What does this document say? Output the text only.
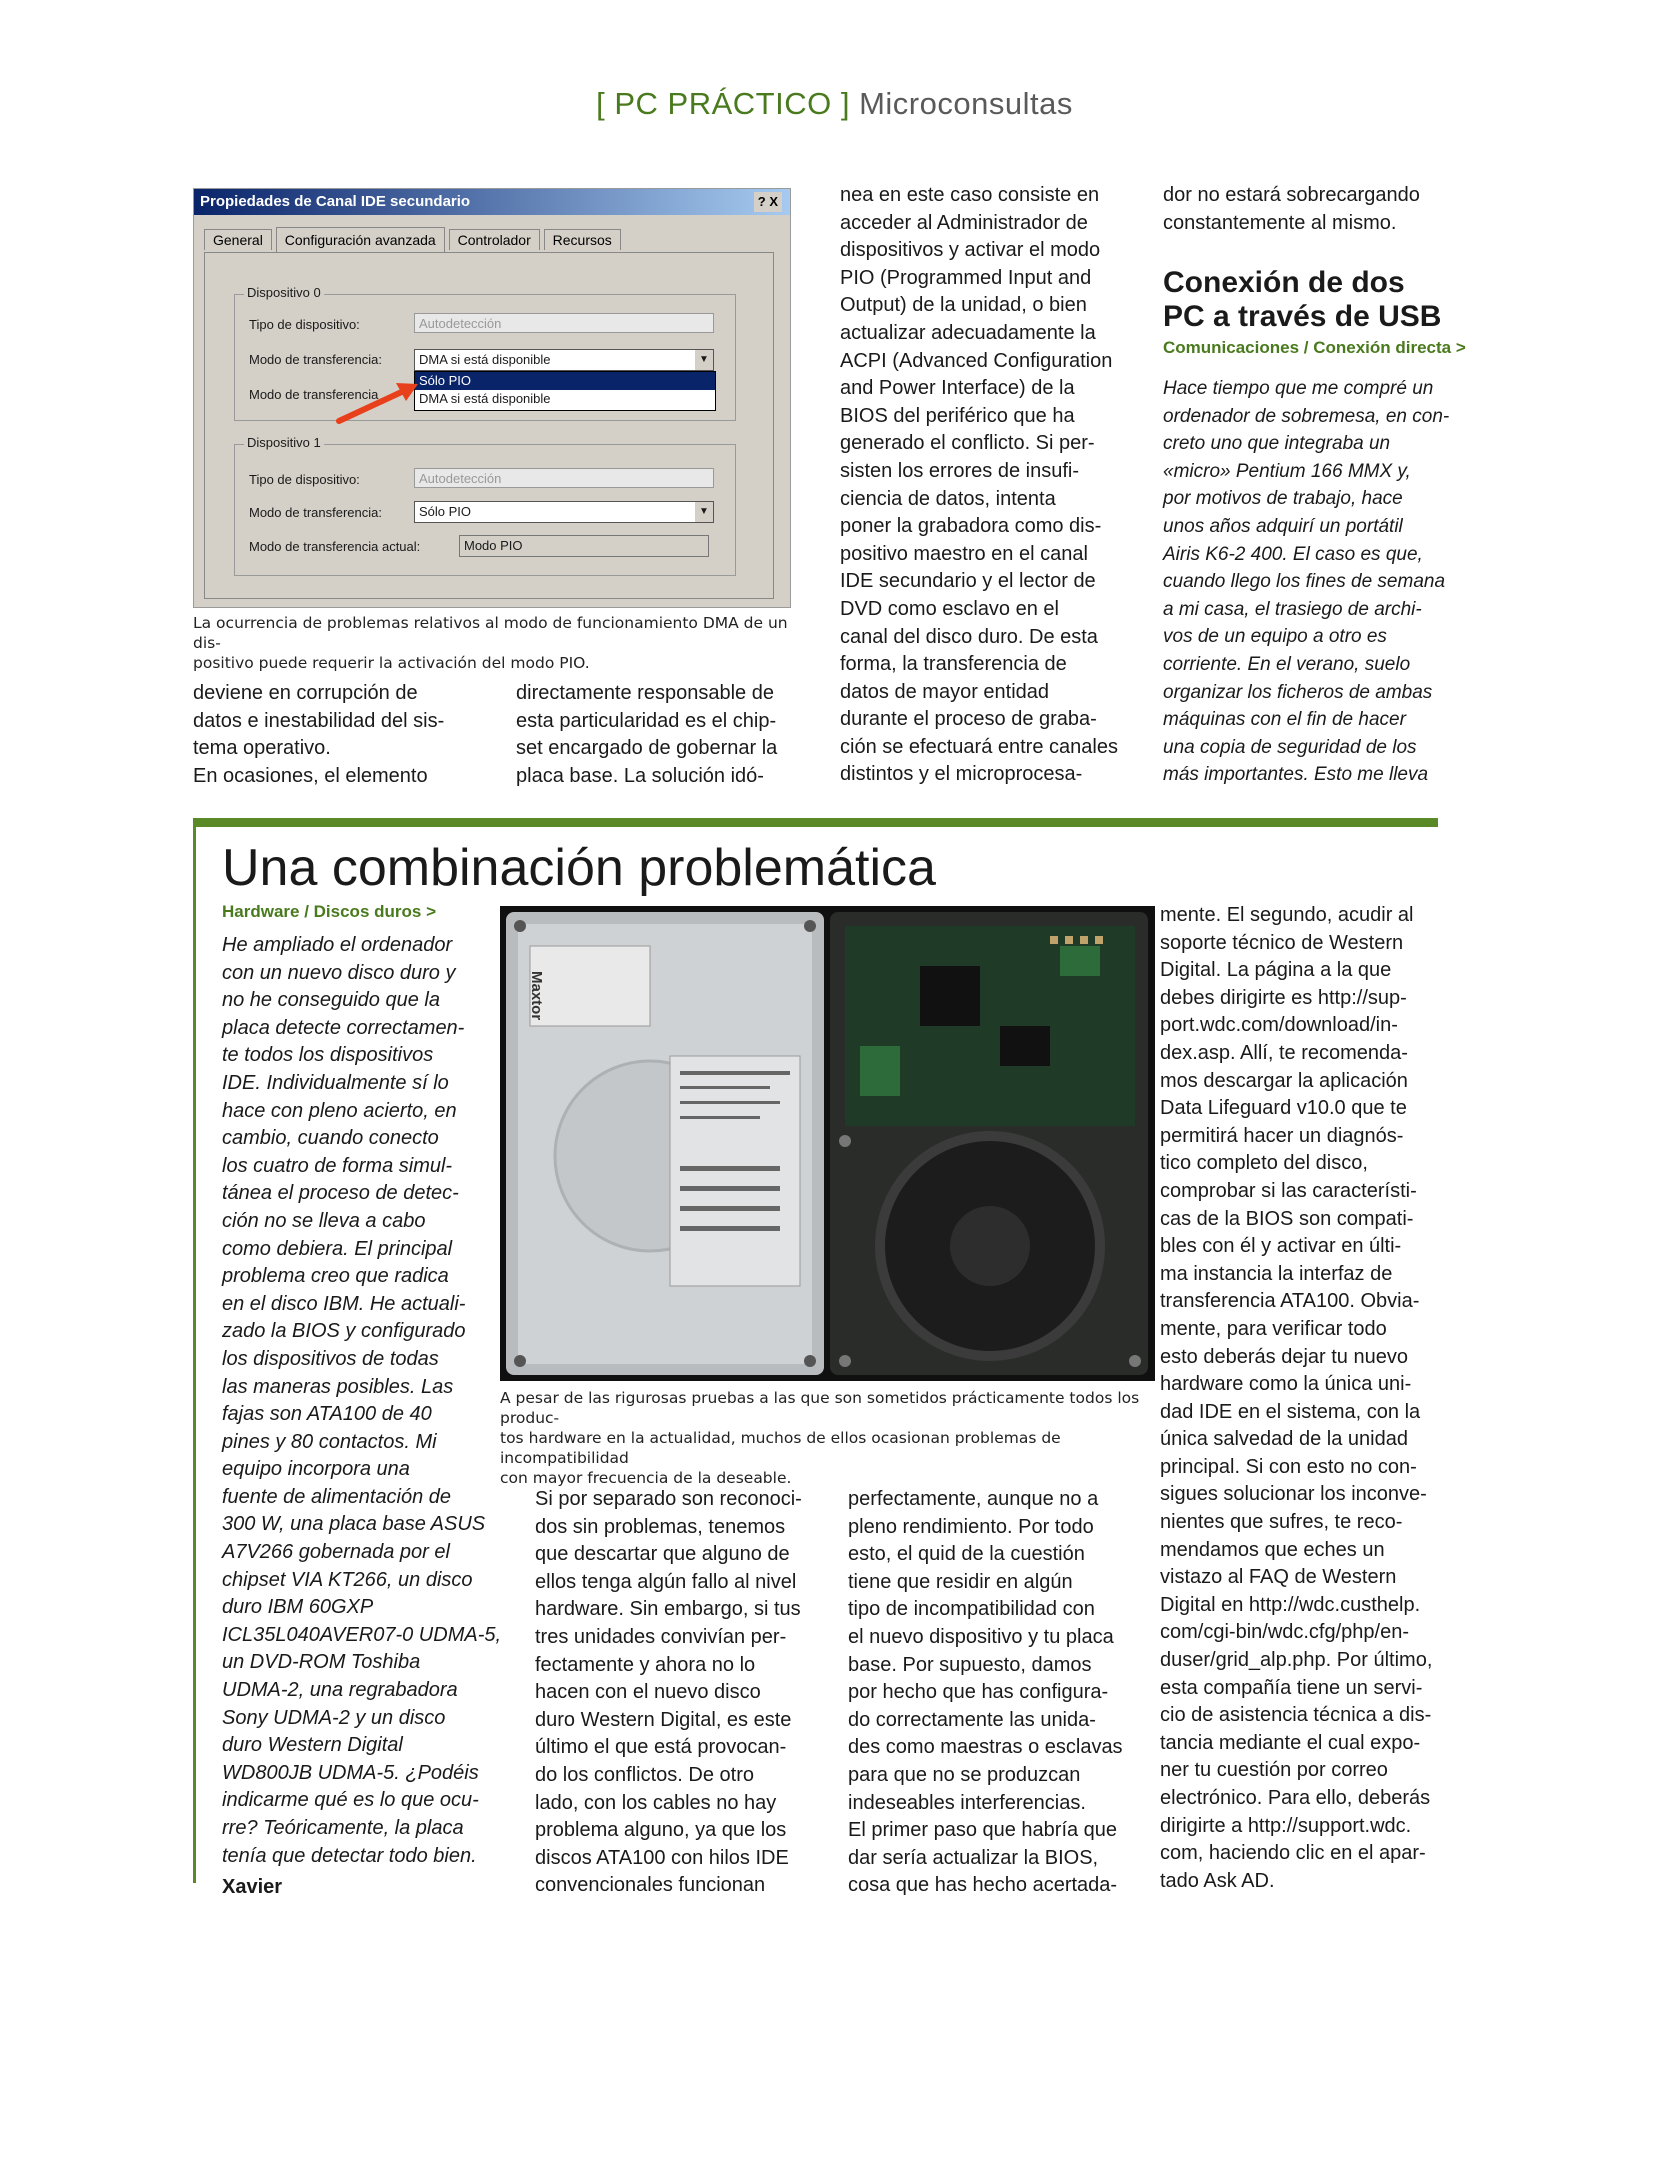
[ PC PRÁCTICO ] Microconsultas
Propiedades de Canal IDE secundario	? X
General Configuración avanzada Controlador Recursos
Dispositivo 0
Tipo de dispositivo:	Autodetección
Modo de transferencia:	DMA si está disponible	▼
Modo de transferencia
Sólo PIO
DMA si está disponible
Dispositivo 1
Tipo de dispositivo:	Autodetección
Modo de transferencia:	Sólo PIO	▼
Modo de transferencia actual:	Modo PIO
La ocurrencia de problemas relativos al modo de funcionamiento DMA de un dis-
positivo puede requerir la activación del modo PIO.
deviene en corrupción de
datos e inestabilidad del sis-
tema operativo.
En ocasiones, el elemento
directamente responsable de
esta particularidad es el chip-
set encargado de gobernar la
placa base. La solución idó-
nea en este caso consiste en
acceder al Administrador de
dispositivos y activar el modo
PIO (Programmed Input and
Output) de la unidad, o bien
actualizar adecuadamente la
ACPI (Advanced Configuration
and Power Interface) de la
BIOS del periférico que ha
generado el conflicto. Si per-
sisten los errores de insufi-
ciencia de datos, intenta
poner la grabadora como dis-
positivo maestro en el canal
IDE secundario y el lector de
DVD como esclavo en el
canal del disco duro. De esta
forma, la transferencia de
datos de mayor entidad
durante el proceso de graba-
ción se efectuará entre canales
distintos y el microprocesa-
dor no estará sobrecargando
constantemente al mismo.
Conexión de dos
PC a través de USB
Comunicaciones / Conexión directa >
Hace tiempo que me compré un
ordenador de sobremesa, en con-
creto uno que integraba un
«micro» Pentium 166 MMX y,
por motivos de trabajo, hace
unos años adquirí un portátil
Airis K6-2 400. El caso es que,
cuando llego los fines de semana
a mi casa, el trasiego de archi-
vos de un equipo a otro es
corriente. En el verano, suelo
organizar los ficheros de ambas
máquinas con el fin de hacer
una copia de seguridad de los
más importantes. Esto me lleva
Una combinación problemática
Hardware / Discos duros >
He ampliado el ordenador
con un nuevo disco duro y
no he conseguido que la
placa detecte correctamen-
te todos los dispositivos
IDE. Individualmente sí lo
hace con pleno acierto, en
cambio, cuando conecto
los cuatro de forma simul-
tánea el proceso de detec-
ción no se lleva a cabo
como debiera. El principal
problema creo que radica
en el disco IBM. He actuali-
zado la BIOS y configurado
los dispositivos de todas
las maneras posibles. Las
fajas son ATA100 de 40
pines y 80 contactos. Mi
equipo incorpora una
fuente de alimentación de
300 W, una placa base ASUS
A7V266 gobernada por el
chipset VIA KT266, un disco
duro IBM 60GXP
ICL35L040AVER07-0 UDMA-5,
un DVD-ROM Toshiba
UDMA-2, una regrabadora
Sony UDMA-2 y un disco
duro Western Digital
WD800JB UDMA-5. ¿Podéis
indicarme qué es lo que ocu-
rre? Teóricamente, la placa
tenía que detectar todo bien.
Xavier
Maxtor
A pesar de las rigurosas pruebas a las que son sometidos prácticamente todos los produc-
tos hardware en la actualidad, muchos de ellos ocasionan problemas de incompatibilidad
con mayor frecuencia de la deseable.
Si por separado son reconoci-
dos sin problemas, tenemos
que descartar que alguno de
ellos tenga algún fallo al nivel
hardware. Sin embargo, si tus
tres unidades convivían per-
fectamente y ahora no lo
hacen con el nuevo disco
duro Western Digital, es este
último el que está provocan-
do los conflictos. De otro
lado, con los cables no hay
problema alguno, ya que los
discos ATA100 con hilos IDE
convencionales funcionan
perfectamente, aunque no a
pleno rendimiento. Por todo
esto, el quid de la cuestión
tiene que residir en algún
tipo de incompatibilidad con
el nuevo dispositivo y tu placa
base. Por supuesto, damos
por hecho que has configura-
do correctamente las unida-
des como maestras o esclavas
para que no se produzcan
indeseables interferencias.
El primer paso que habría que
dar sería actualizar la BIOS,
cosa que has hecho acertada-
mente. El segundo, acudir al
soporte técnico de Western
Digital. La página a la que
debes dirigirte es http://sup-
port.wdc.com/download/in-
dex.asp. Allí, te recomenda-
mos descargar la aplicación
Data Lifeguard v10.0 que te
permitirá hacer un diagnós-
tico completo del disco,
comprobar si las característi-
cas de la BIOS son compati-
bles con él y activar en últi-
ma instancia la interfaz de
transferencia ATA100. Obvia-
mente, para verificar todo
esto deberás dejar tu nuevo
hardware como la única uni-
dad IDE en el sistema, con la
única salvedad de la unidad
principal. Si con esto no con-
sigues solucionar los inconve-
nientes que sufres, te reco-
mendamos que eches un
vistazo al FAQ de Western
Digital en http://wdc.custhelp.
com/cgi-bin/wdc.cfg/php/en-
duser/grid_alp.php. Por último,
esta compañía tiene un servi-
cio de asistencia técnica a dis-
tancia mediante el cual expo-
ner tu cuestión por correo
electrónico. Para ello, deberás
dirigirte a http://support.wdc.
com, haciendo clic en el apar-
tado Ask AD.
